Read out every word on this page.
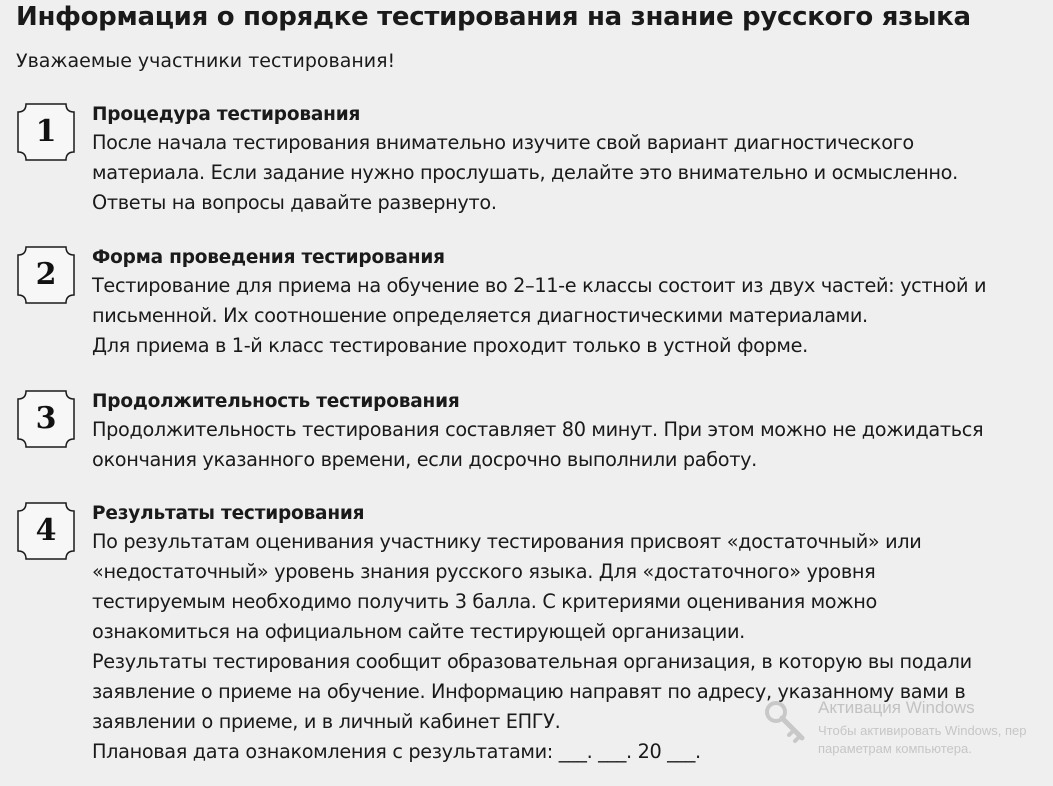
Информация о порядке тестирования на знание русского языка
Уважаемые участники тестирования!
1	Процедура тестирования
После начала тестирования внимательно изучите свой вариант диагностического
материала. Если задание нужно прослушать, делайте это внимательно и осмысленно.
Ответы на вопросы давайте развернуто.
2	Форма проведения тестирования
Тестирование для приема на обучение во 2–11-е классы состоит из двух частей: устной и
письменной. Их соотношение определяется диагностическими материалами.
Для приема в 1-й класс тестирование проходит только в устной форме.
3	Продолжительность тестирования
Продолжительность тестирования составляет 80 минут. При этом можно не дожидаться
окончания указанного времени, если досрочно выполнили работу.
4	Результаты тестирования
По результатам оценивания участнику тестирования присвоят «достаточный» или
«недостаточный» уровень знания русского языка. Для «достаточного» уровня
тестируемым необходимо получить 3 балла. С критериями оценивания можно
ознакомиться на официальном сайте тестирующей организации.
Результаты тестирования сообщит образовательная организация, в которую вы подали
заявление о приеме на обучение. Информацию направят по адресу, указанному вами в
заявлении о приеме, и в личный кабинет ЕПГУ.
Плановая дата ознакомления с результатами: ___. ___. 20 ___.
Активация Windows
Чтобы активировать Windows, пер
параметрам компьютера.
